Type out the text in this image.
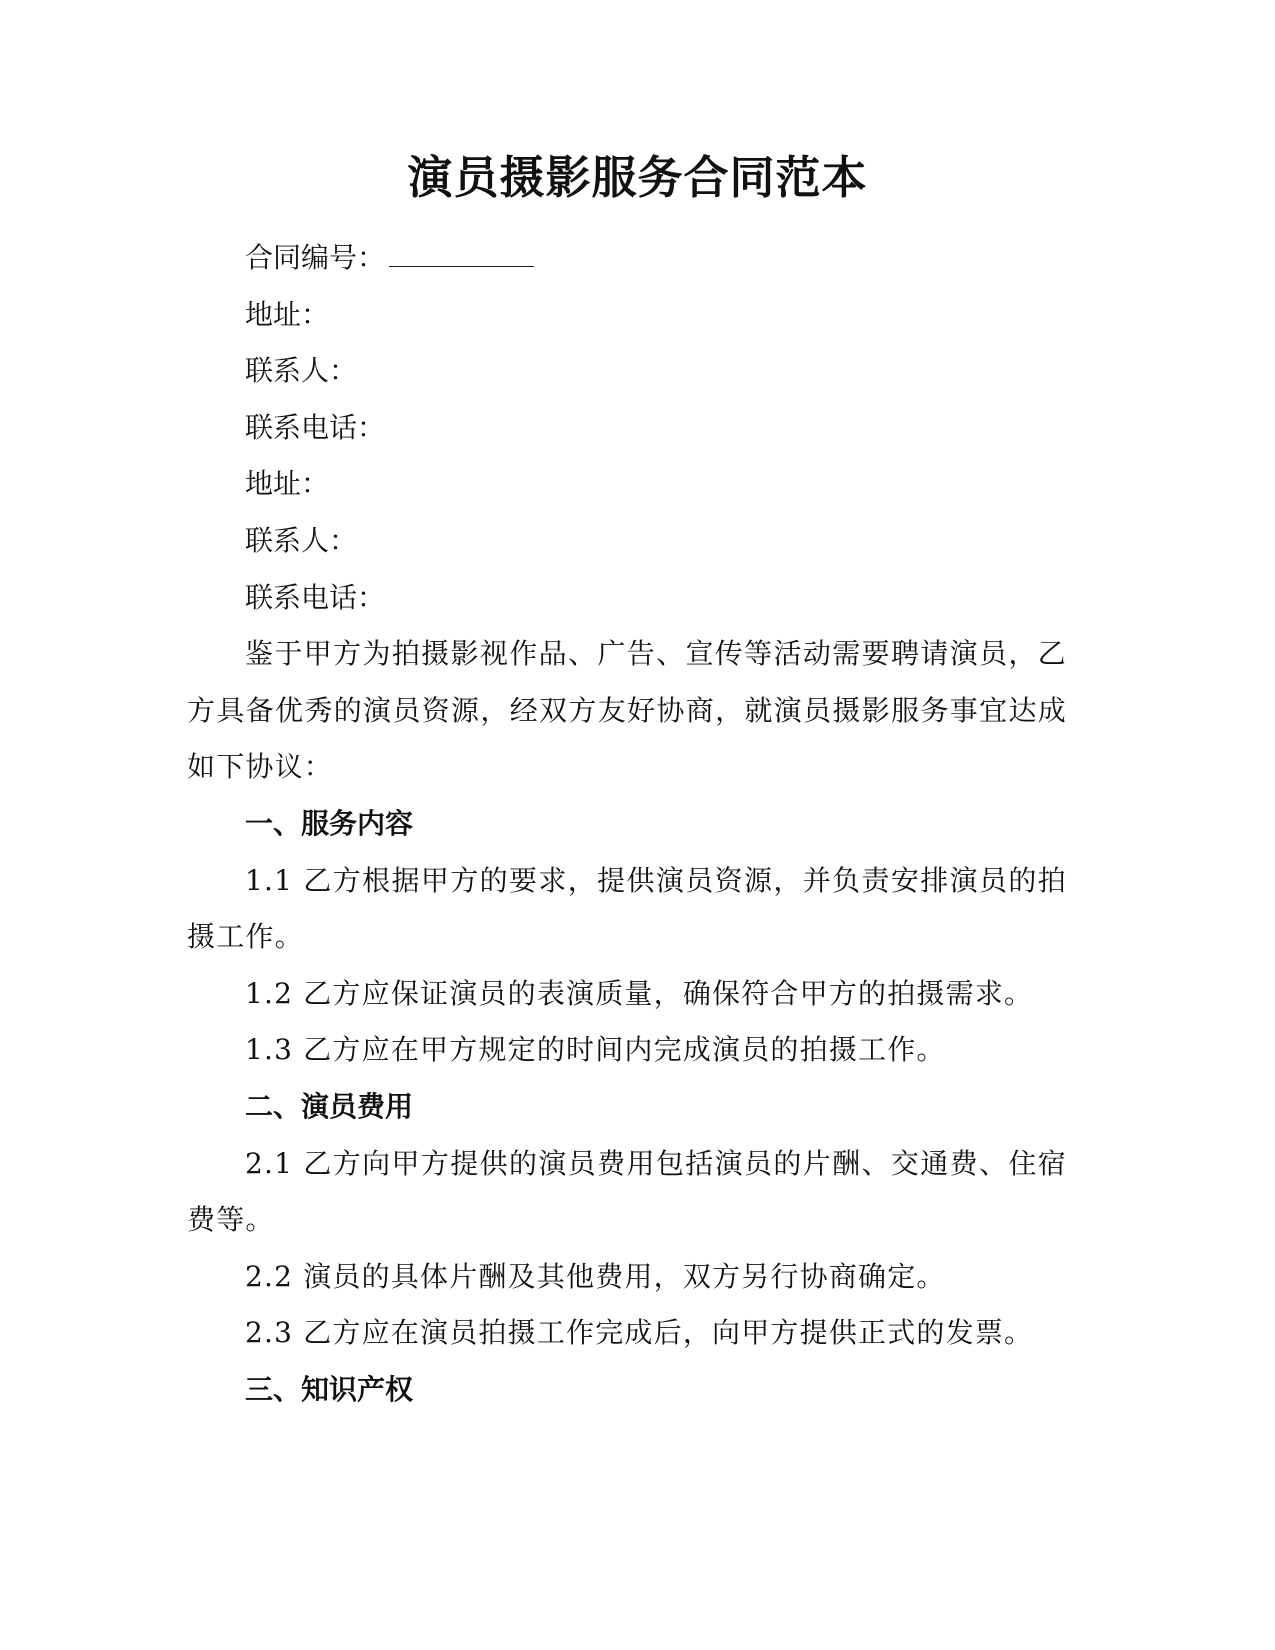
演员摄影服务合同范本

合同编号：

地址：

联系人：

联系电话：

地址：

联系人：

联系电话：

鉴于甲方为拍摄影视作品、广告、宣传等活动需要聘请演员，乙方具备优秀的演员资源，经双方友好协商，就演员摄影服务事宜达成如下协议：

一、服务内容

1.1 乙方根据甲方的要求，提供演员资源，并负责安排演员的拍摄工作。

1.2 乙方应保证演员的表演质量，确保符合甲方的拍摄需求。

1.3 乙方应在甲方规定的时间内完成演员的拍摄工作。

二、演员费用

2.1 乙方向甲方提供的演员费用包括演员的片酬、交通费、住宿费等。

2.2 演员的具体片酬及其他费用，双方另行协商确定。

2.3 乙方应在演员拍摄工作完成后，向甲方提供正式的发票。

三、知识产权
